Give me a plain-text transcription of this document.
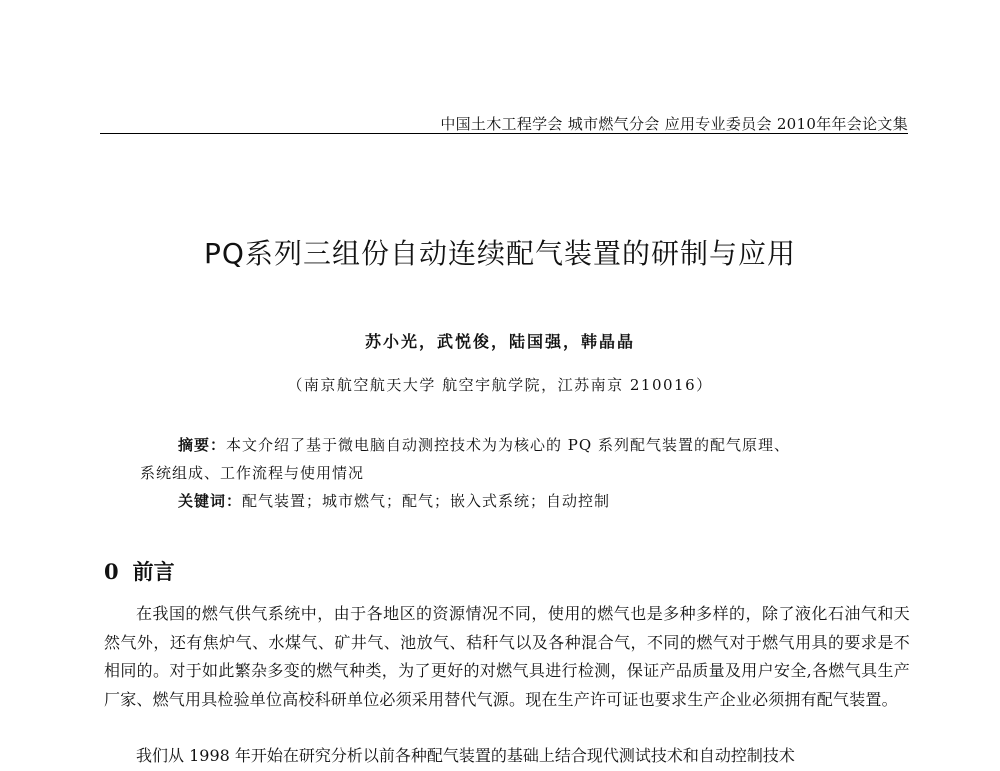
中国土木工程学会 城市燃气分会 应用专业委员会 2010年年会论文集
PQ系列三组份自动连续配气装置的研制与应用
苏小光，武悦俊，陆国强，韩晶晶
（南京航空航天大学 航空宇航学院，江苏南京 210016）
摘要：本文介绍了基于微电脑自动测控技术为为核心的 PQ 系列配气装置的配气原理、
系统组成、工作流程与使用情况
关键词：配气装置；城市燃气；配气；嵌入式系统；自动控制
0 前言

在我国的燃气供气系统中，由于各地区的资源情况不同，使用的燃气也是多种多样的，除了液化石油气和天然气外，还有焦炉气、水煤气、矿井气、池放气、秸秆气以及各种混合气，不同的燃气对于燃气用具的要求是不相同的。对于如此繁杂多变的燃气种类，为了更好的对燃气具进行检测，保证产品质量及用户安全,各燃气具生产厂家、燃气用具检验单位高校科研单位必须采用替代气源。现在生产许可证也要求生产企业必须拥有配气装置。

我们从 1998 年开始在研究分析以前各种配气装置的基础上结合现代测试技术和自动控制技术
